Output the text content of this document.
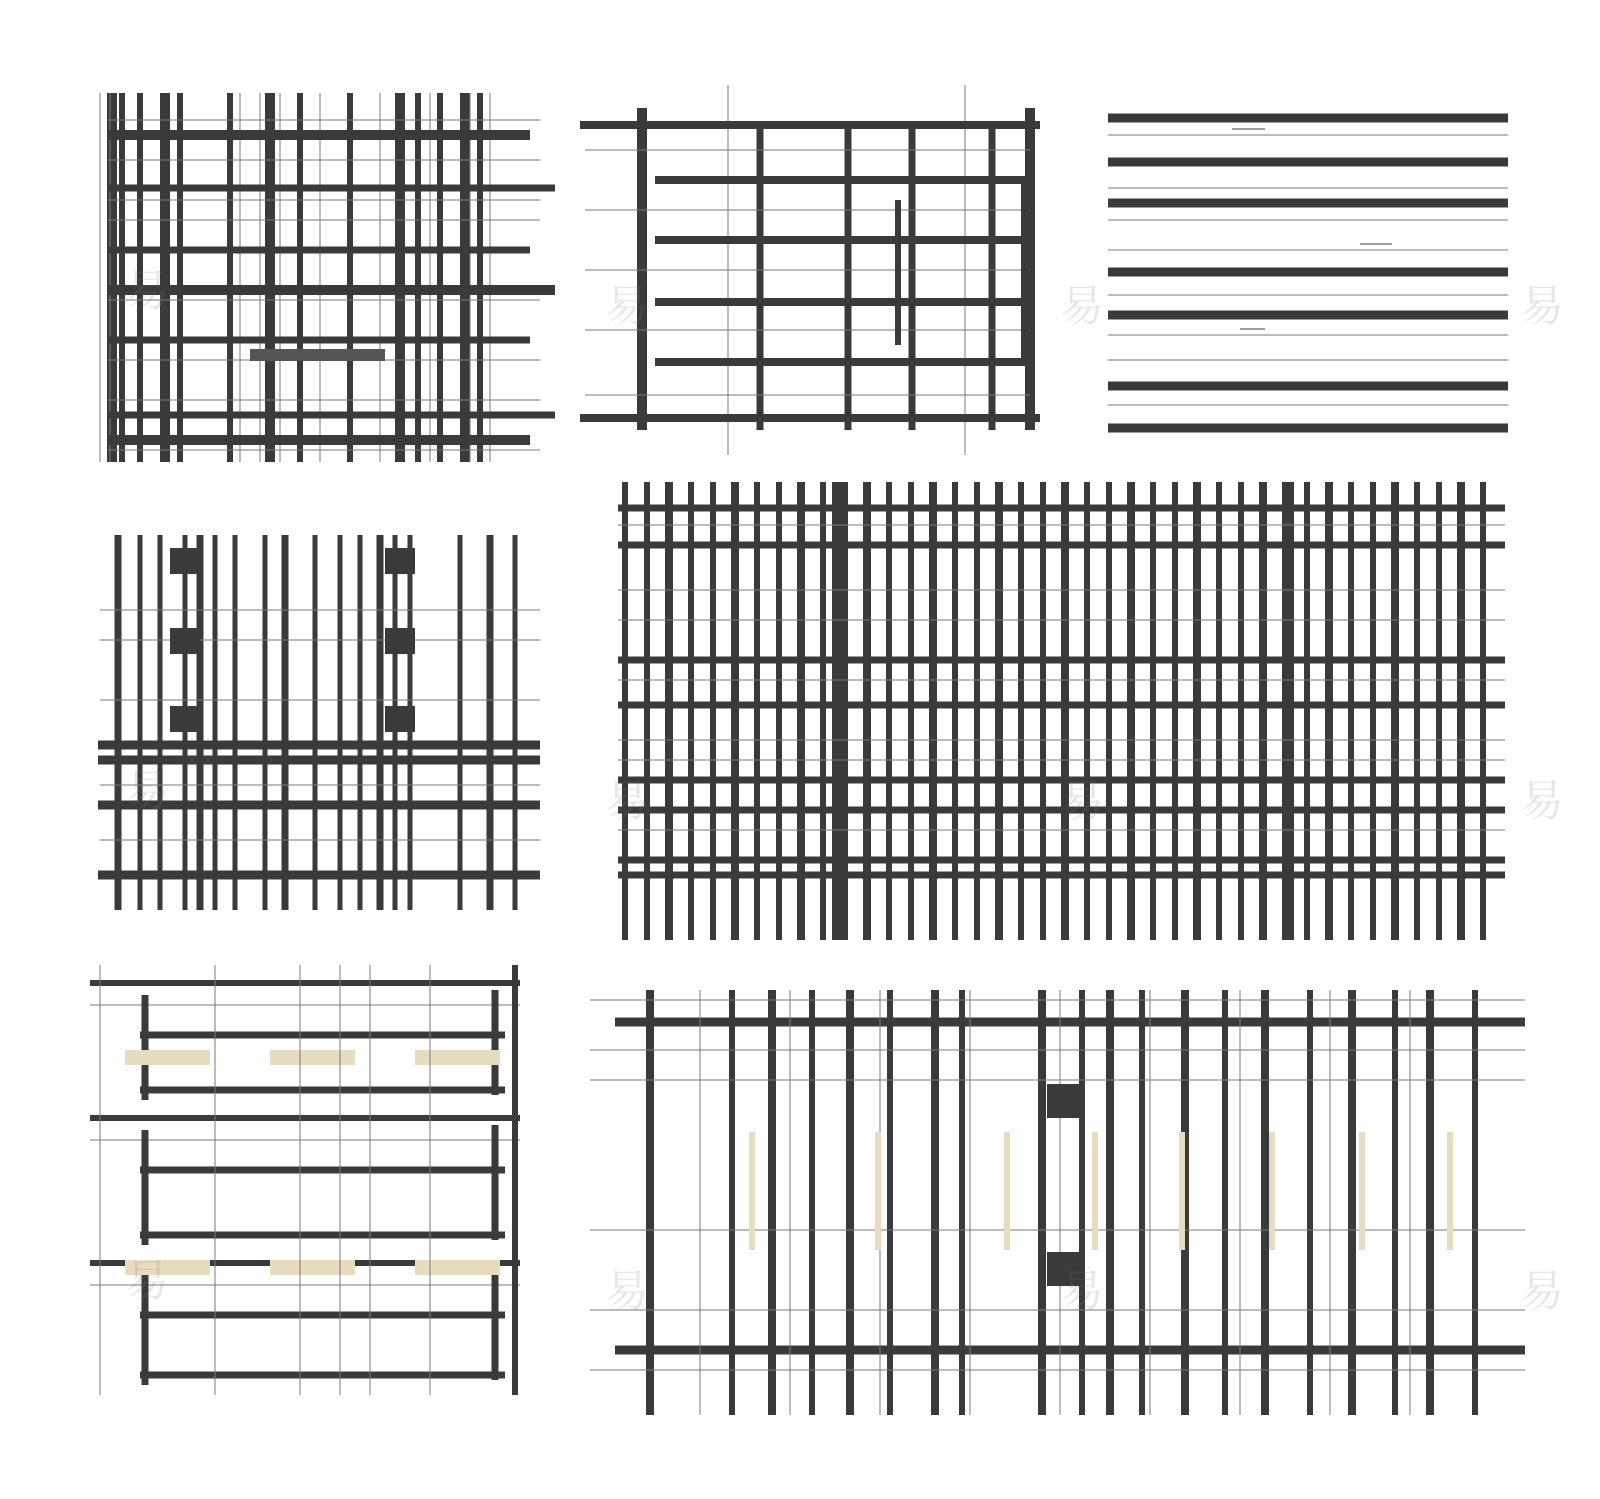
易	易	易
易	易	易
易	易
